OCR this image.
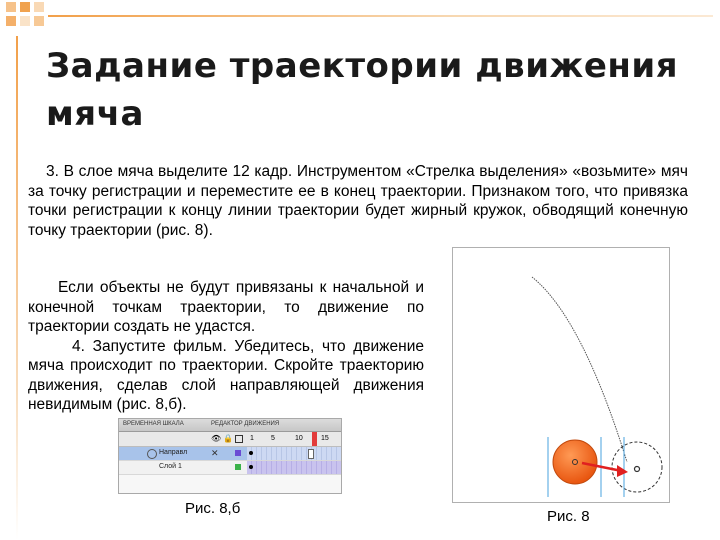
Задание траектории движения
мяча
3. В слое мяча выделите 12 кадр. Инструментом «Стрелка выделения» «возьмите» мяч за точку регистрации и переместите ее в конец траектории. Признаком того, что привязка точки регистрации к концу линии траектории будет жирный кружок, обводящий конечную точку траектории (рис. 8).
Если объекты не будут привязаны к начальной и конечной точкам траектории, то движение по траектории создать не удастся.
4. Запустите фильм. Убедитесь, что движение мяча происходит по траектории. Скройте траекторию движения, сделав слой направляющей движения невидимым (рис. 8,б).
ВРЕМЕННАЯ ШКАЛА	РЕДАКТОР ДВИЖЕНИЯ
👁 🔒 1 5	10	15
Направл	✕
Слой 1
Рис. 8,б	Рис. 8
